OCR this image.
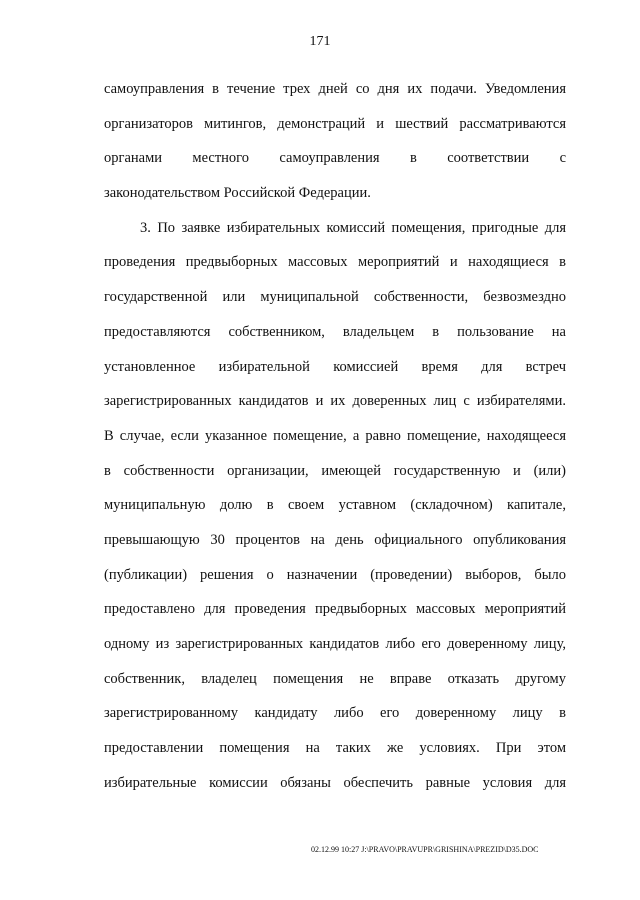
171
самоуправления в течение трех дней со дня их подачи. Уведомления
организаторов митингов, демонстраций и шествий рассматриваются
органами местного самоуправления в соответствии с
законодательством Российской Федерации.
3. По заявке избирательных комиссий помещения, пригодные для
проведения предвыборных массовых мероприятий и находящиеся в
государственной или муниципальной собственности, безвозмездно
предоставляются собственником, владельцем в пользование на
установленное избирательной комиссией время для встреч
зарегистрированных кандидатов и их доверенных лиц с избирателями.
В случае, если указанное помещение, а равно помещение, находящееся
в собственности организации, имеющей государственную и (или)
муниципальную долю в своем уставном (складочном) капитале,
превышающую 30 процентов на день официального опубликования
(публикации) решения о назначении (проведении) выборов, было
предоставлено для проведения предвыборных массовых мероприятий
одному из зарегистрированных кандидатов либо его доверенному лицу,
собственник, владелец помещения не вправе отказать другому
зарегистрированному кандидату либо его доверенному лицу в
предоставлении помещения на таких же условиях. При этом
избирательные комиссии обязаны обеспечить равные условия для
02.12.99 10:27 J:\PRAVO\PRAVUPR\GRISHINA\PREZID\D35.DOC
